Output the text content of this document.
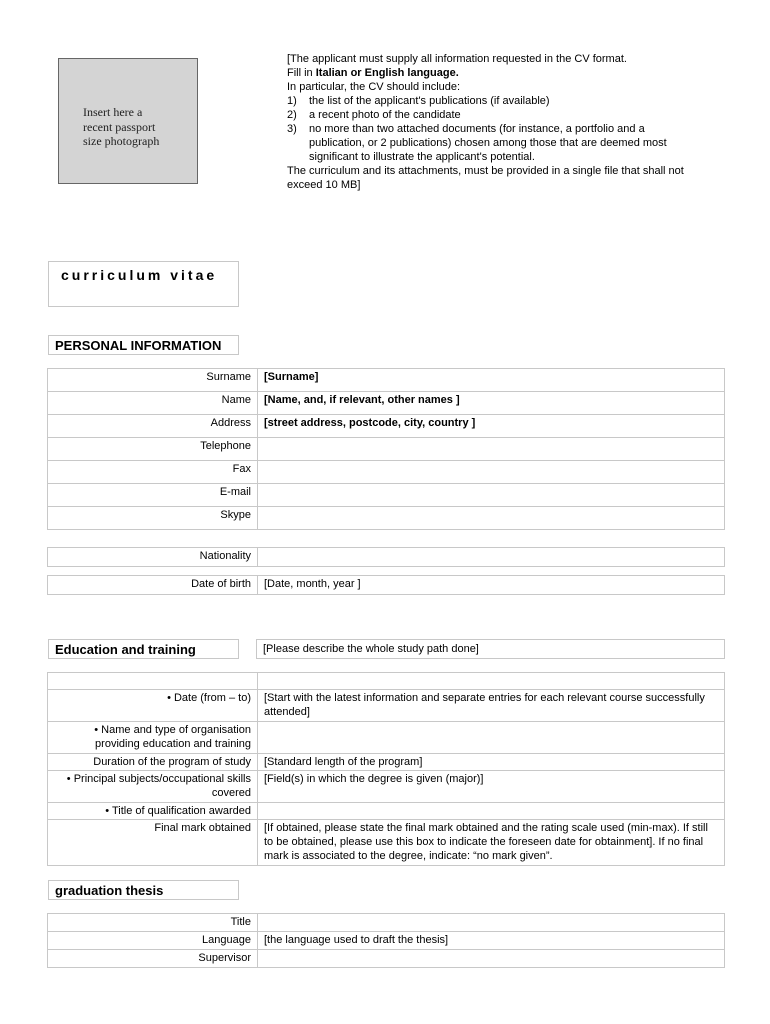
Insert here a
recent passport
size photograph
[The applicant must supply all information requested in the CV format.
Fill in Italian or English language.
In particular, the CV should include:
1)	the list of the applicant's publications (if available)
2)	a recent photo of the candidate
3)	no more than two attached documents (for instance, a portfolio and a publication, or 2 publications) chosen among those that are deemed most significant to illustrate the applicant's potential.
The curriculum and its attachments, must be provided in a single file that shall not exceed 10 MB]
curriculum vitae
PERSONAL INFORMATION
Surname	[Surname]
Name	[Name, and, if relevant, other names ]
Address	[street address, postcode, city, country ]
Telephone	
Fax	
E-mail	
Skype	
Nationality	
Date of birth	[Date, month, year ]
Education and training	[Please describe the whole study path done]

• Date (from – to)	[Start with the latest information and separate entries for each relevant course successfully attended]
• Name and type of organisation providing education and training	
Duration of the program of study	[Standard length of the program]
• Principal subjects/occupational skills covered	[Field(s) in which the degree is given (major)]
• Title of qualification awarded	
Final mark obtained	[If obtained, please state the final mark obtained and the rating scale used (min-max). If still to be obtained, please use this box to indicate the foreseen date for obtainment]. If no final mark is associated to the degree, indicate: “no mark given”.
graduation thesis
Title	
Language	[the language used to draft the thesis]
Supervisor	
